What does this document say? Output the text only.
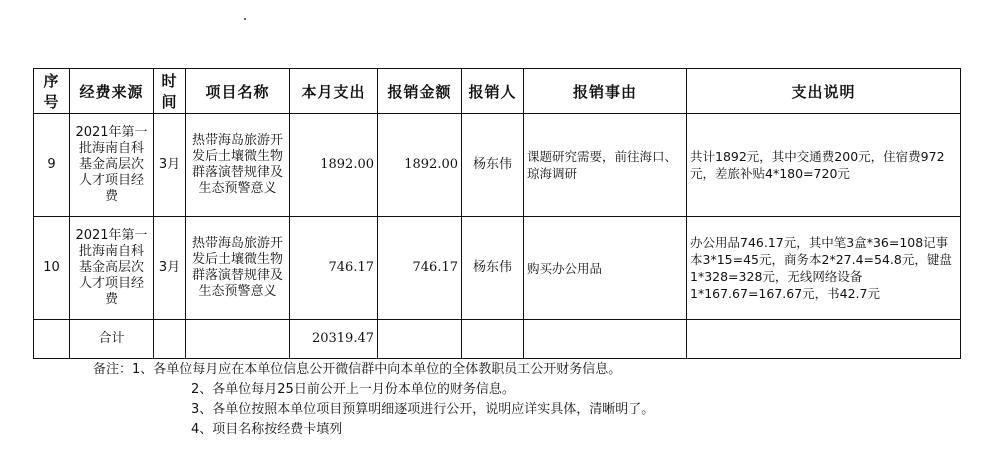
序号	经费来源	时间	项目名称	本月支出	报销金额	报销人	报销事由	支出说明
9	2021年第一批海南自科基金高层次人才项目经费	3月	热带海岛旅游开发后土壤微生物群落演替规律及生态预警意义	1892.00	1892.00	杨东伟	课题研究需要，前往海口、琼海调研	共计1892元，其中交通费200元，住宿费972元，差旅补贴4*180=720元
10	2021年第一批海南自科基金高层次人才项目经费	3月	热带海岛旅游开发后土壤微生物群落演替规律及生态预警意义	746.17	746.17	杨东伟	购买办公用品	办公用品746.17元，其中笔3盒*36=108记事本3*15=45元，商务本2*27.4=54.8元，键盘1*328=328元，无线网络设备1*167.67=167.67元，书42.7元
	合计			20319.47				
备注：1、各单位每月应在本单位信息公开微信群中向本单位的全体教职员工公开财务信息。
2、各单位每月25日前公开上一月份本单位的财务信息。
3、各单位按照本单位项目预算明细逐项进行公开，说明应详实具体，清晰明了。
4、项目名称按经费卡填列
